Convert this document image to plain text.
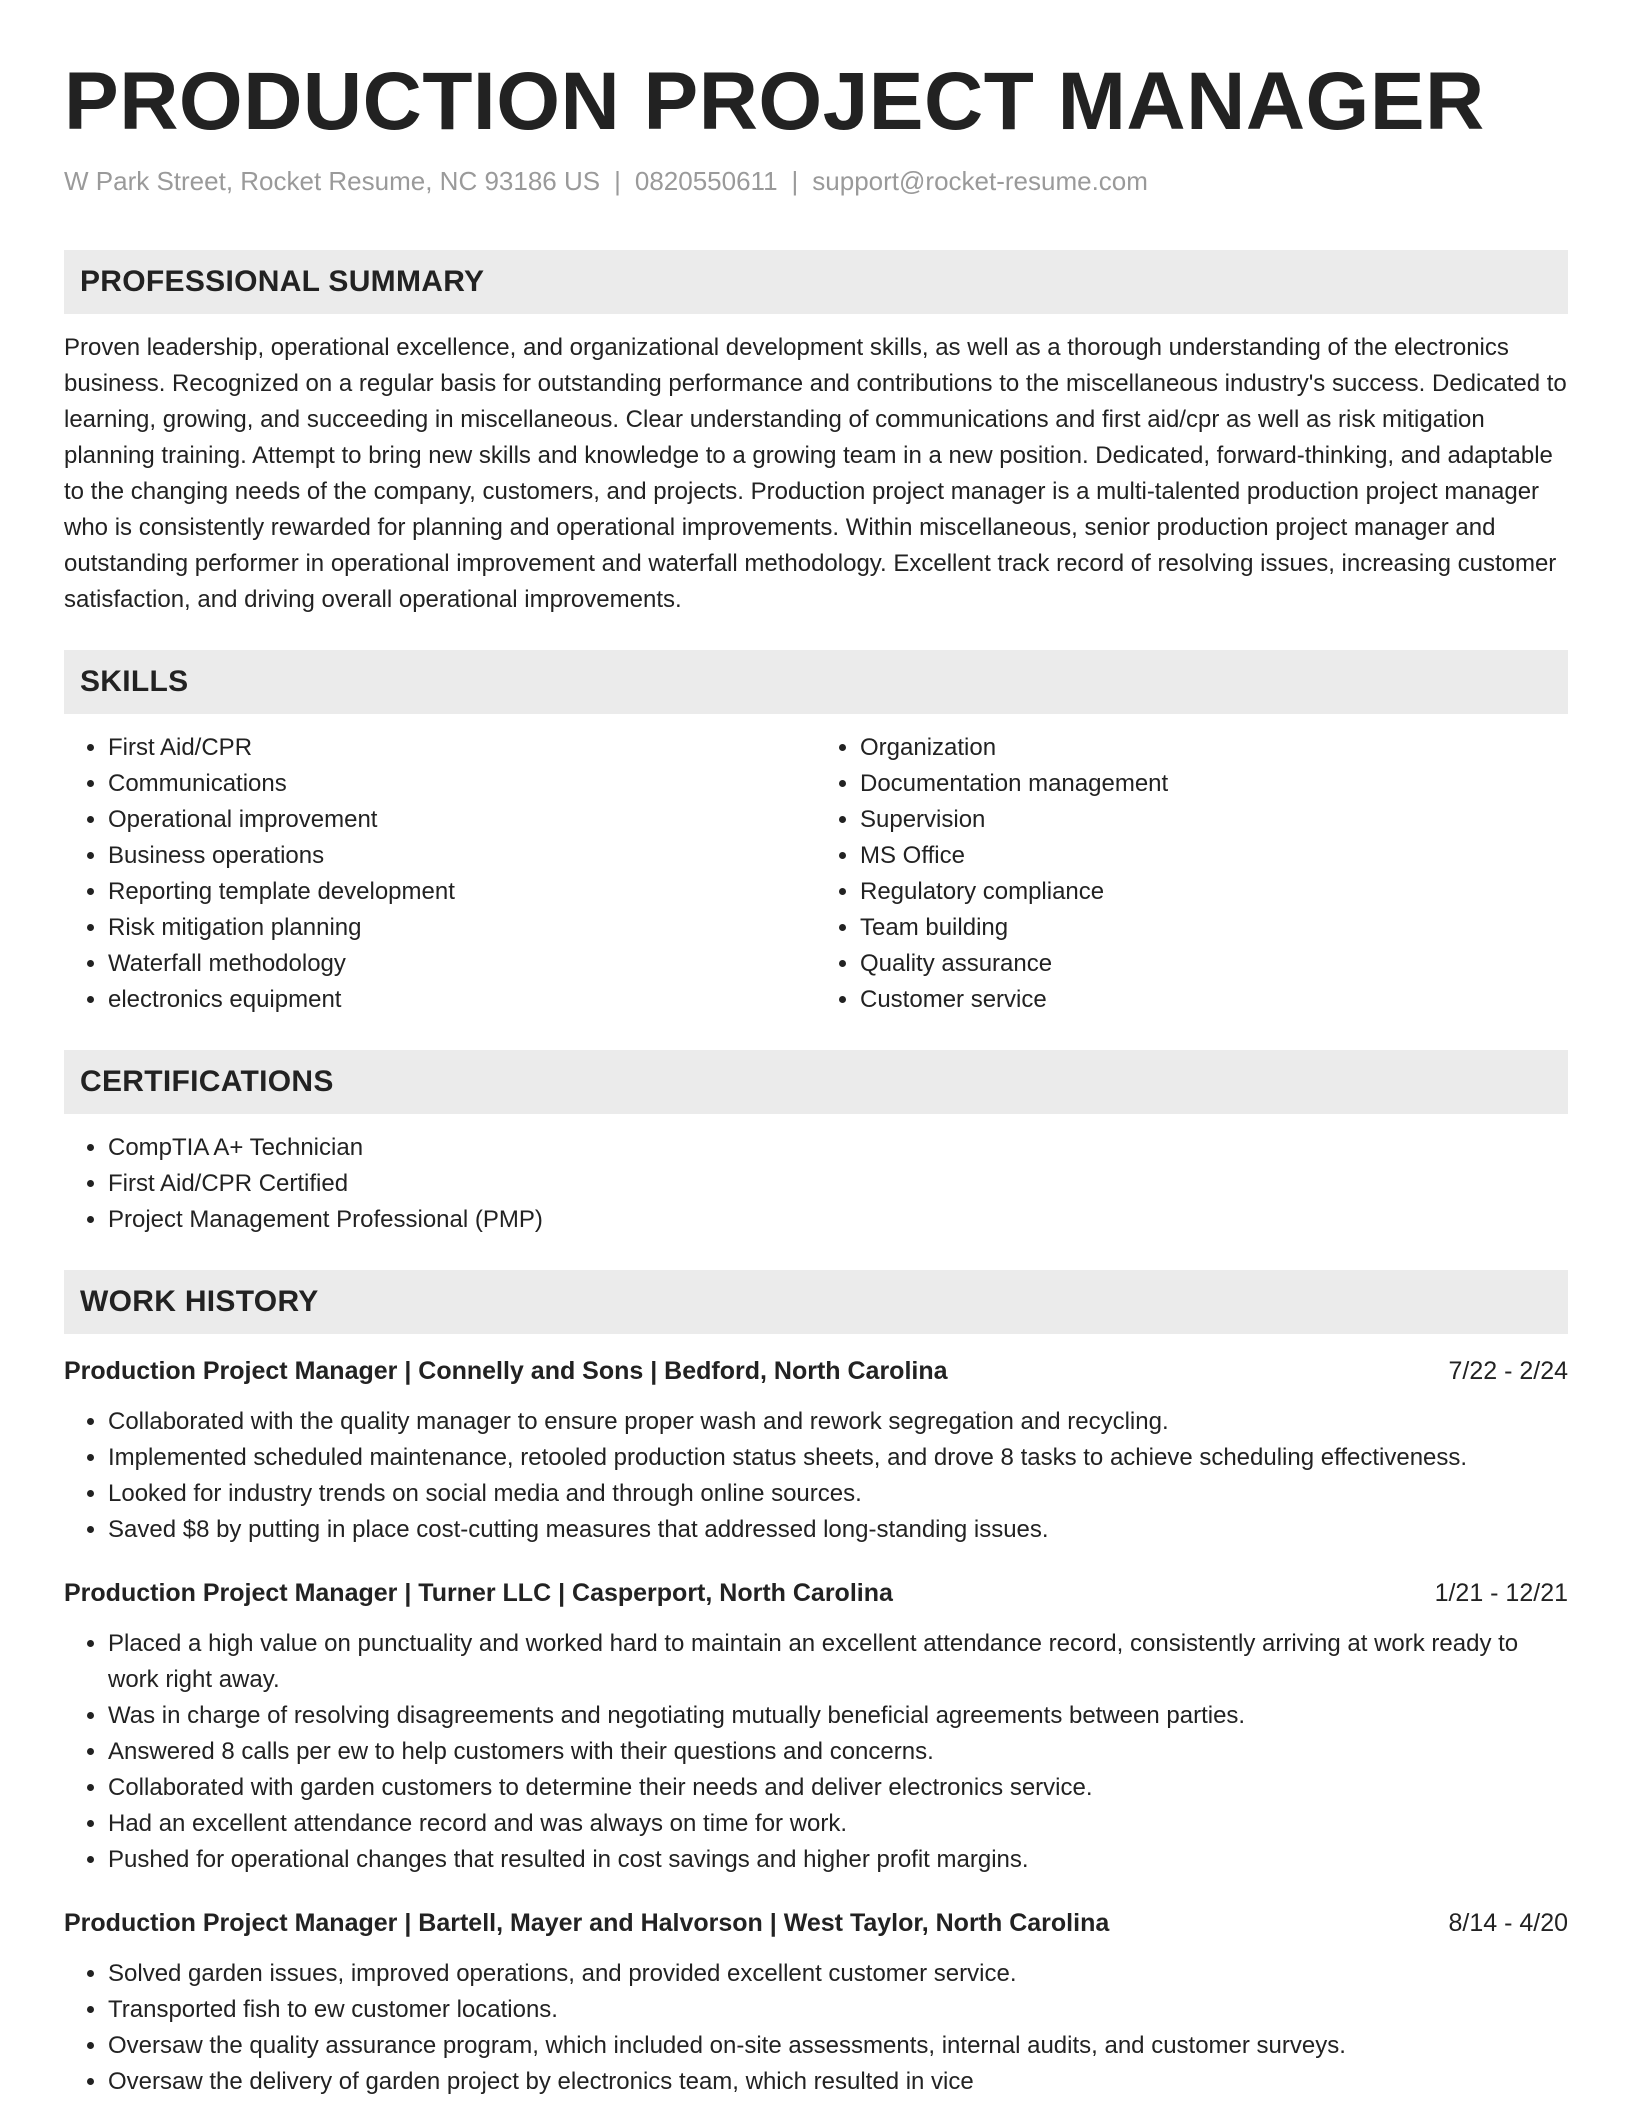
PRODUCTION PROJECT MANAGER
W Park Street, Rocket Resume, NC 93186 US | 0820550611 | support@rocket-resume.com
PROFESSIONAL SUMMARY

Proven leadership, operational excellence, and organizational development skills, as well as a thorough understanding of the electronics business. Recognized on a regular basis for outstanding performance and contributions to the miscellaneous industry's success. Dedicated to learning, growing, and succeeding in miscellaneous. Clear understanding of communications and first aid/cpr as well as risk mitigation planning training. Attempt to bring new skills and knowledge to a growing team in a new position. Dedicated, forward-thinking, and adaptable to the changing needs of the company, customers, and projects. Production project manager is a multi-talented production project manager who is consistently rewarded for planning and operational improvements. Within miscellaneous, senior production project manager and outstanding performer in operational improvement and waterfall methodology. Excellent track record of resolving issues, increasing customer satisfaction, and driving overall operational improvements.

SKILLS
• First Aid/CPR
• Communications
• Operational improvement
• Business operations
• Reporting template development
• Risk mitigation planning
• Waterfall methodology
• electronics equipment
• Organization
• Documentation management
• Supervision
• MS Office
• Regulatory compliance
• Team building
• Quality assurance
• Customer service
CERTIFICATIONS
• CompTIA A+ Technician
• First Aid/CPR Certified
• Project Management Professional (PMP)
WORK HISTORY
Production Project Manager | Connelly and Sons | Bedford, North Carolina	7/22 - 2/24
• Collaborated with the quality manager to ensure proper wash and rework segregation and recycling.
• Implemented scheduled maintenance, retooled production status sheets, and drove 8 tasks to achieve scheduling effectiveness.
• Looked for industry trends on social media and through online sources.
• Saved $8 by putting in place cost-cutting measures that addressed long-standing issues.
Production Project Manager | Turner LLC | Casperport, North Carolina	1/21 - 12/21
• Placed a high value on punctuality and worked hard to maintain an excellent attendance record, consistently arriving at work ready to work right away.
• Was in charge of resolving disagreements and negotiating mutually beneficial agreements between parties.
• Answered 8 calls per ew to help customers with their questions and concerns.
• Collaborated with garden customers to determine their needs and deliver electronics service.
• Had an excellent attendance record and was always on time for work.
• Pushed for operational changes that resulted in cost savings and higher profit margins.
Production Project Manager | Bartell, Mayer and Halvorson | West Taylor, North Carolina	8/14 - 4/20
• Solved garden issues, improved operations, and provided excellent customer service.
• Transported fish to ew customer locations.
• Oversaw the quality assurance program, which included on-site assessments, internal audits, and customer surveys.
• Oversaw the delivery of garden project by electronics team, which resulted in vice
